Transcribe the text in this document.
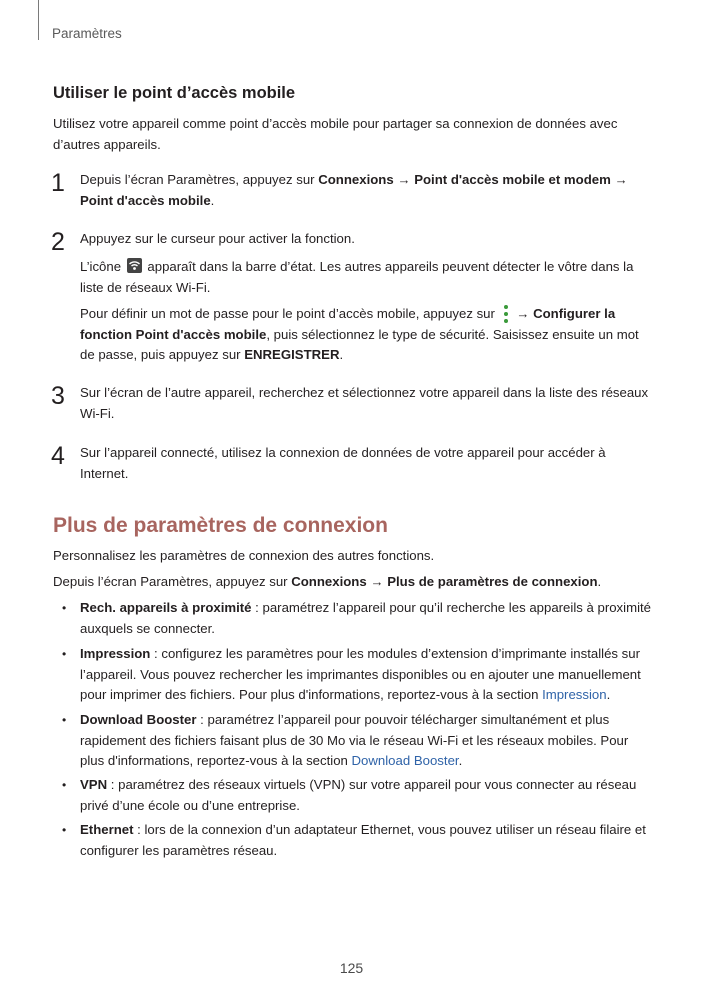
Paramètres
Utiliser le point d’accès mobile
Utilisez votre appareil comme point d’accès mobile pour partager sa connexion de données avec d’autres appareils.
1 Depuis l’écran Paramètres, appuyez sur Connexions → Point d'accès mobile et modem → Point d'accès mobile.
2 Appuyez sur le curseur pour activer la fonction.
L’icône
apparaît dans la barre d’état. Les autres appareils peuvent détecter le vôtre dans la liste de réseaux Wi-Fi.
Pour définir un mot de passe pour le point d’accès mobile, appuyez sur
→ Configurer la fonction Point d'accès mobile, puis sélectionnez le type de sécurité. Saisissez ensuite un mot de passe, puis appuyez sur ENREGISTRER.
3 Sur l’écran de l’autre appareil, recherchez et sélectionnez votre appareil dans la liste des réseaux Wi-Fi.
4 Sur l’appareil connecté, utilisez la connexion de données de votre appareil pour accéder à Internet.
Plus de paramètres de connexion
Personnalisez les paramètres de connexion des autres fonctions.
Depuis l’écran Paramètres, appuyez sur Connexions → Plus de paramètres de connexion.
• Rech. appareils à proximité : paramétrez l’appareil pour qu’il recherche les appareils à proximité auxquels se connecter.
• Impression : configurez les paramètres pour les modules d’extension d’imprimante installés sur l’appareil. Vous pouvez rechercher les imprimantes disponibles ou en ajouter une manuellement pour imprimer des fichiers. Pour plus d'informations, reportez-vous à la section Impression.
• Download Booster : paramétrez l’appareil pour pouvoir télécharger simultanément et plus rapidement des fichiers faisant plus de 30 Mo via le réseau Wi-Fi et les réseaux mobiles. Pour plus d'informations, reportez-vous à la section Download Booster.
• VPN : paramétrez des réseaux virtuels (VPN) sur votre appareil pour vous connecter au réseau privé d’une école ou d’une entreprise.
• Ethernet : lors de la connexion d’un adaptateur Ethernet, vous pouvez utiliser un réseau filaire et configurer les paramètres réseau.
125
